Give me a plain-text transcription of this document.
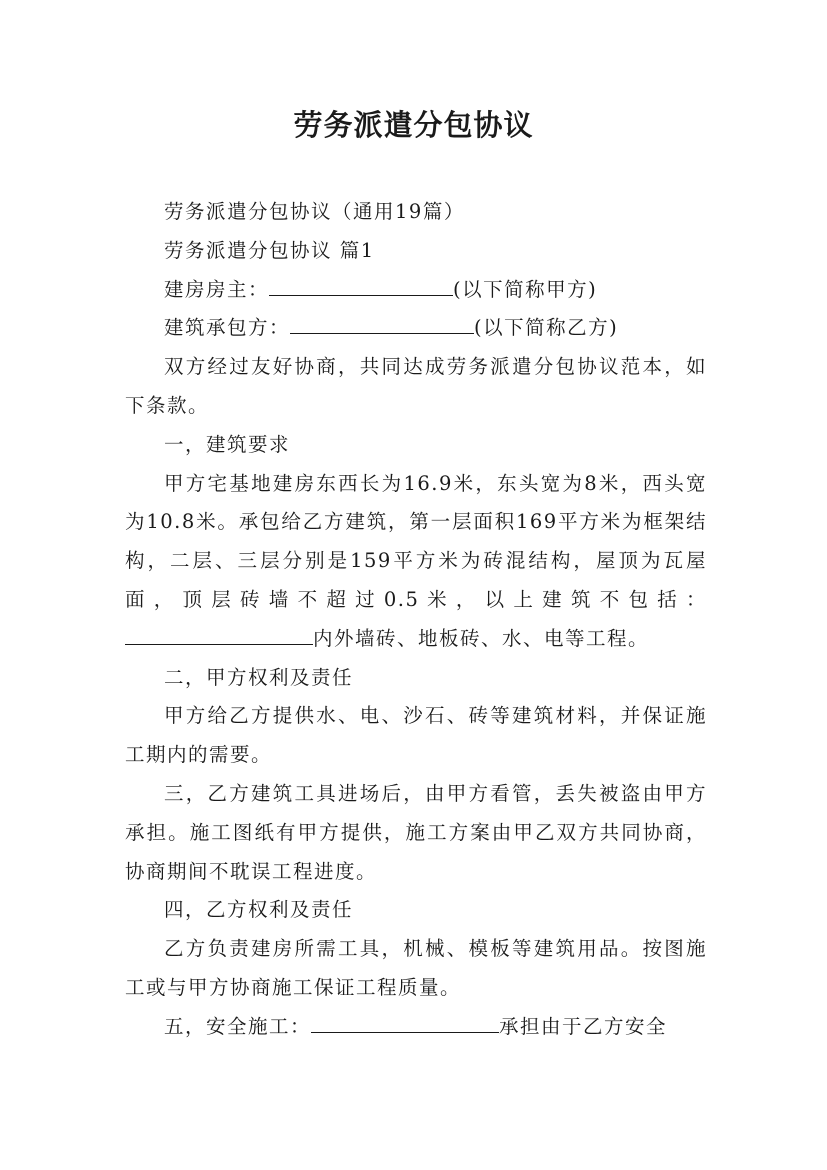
劳务派遣分包协议

劳务派遣分包协议（通用19篇）

劳务派遣分包协议 篇1

建房房主：	(以下简称甲方)

建筑承包方：	(以下简称乙方)

双方经过友好协商，共同达成劳务派遣分包协议范本，如下条款。

一，建筑要求

甲方宅基地建房东西长为16.9米，东头宽为8米，西头宽为10.8米。承包给乙方建筑，第一层面积169平方米为框架结构，二层、三层分别是159平方米为砖混结构，屋顶为瓦屋面，顶层砖墙不超过0.5米，以上建筑不包括：内外墙砖、地板砖、水、电等工程。

二，甲方权利及责任

甲方给乙方提供水、电、沙石、砖等建筑材料，并保证施工期内的需要。

三，乙方建筑工具进场后，由甲方看管，丢失被盗由甲方承担。施工图纸有甲方提供，施工方案由甲乙双方共同协商，协商期间不耽误工程进度。

四，乙方权利及责任

乙方负责建房所需工具，机械、模板等建筑用品。按图施工或与甲方协商施工保证工程质量。

五，安全施工：	承担由于乙方安全
